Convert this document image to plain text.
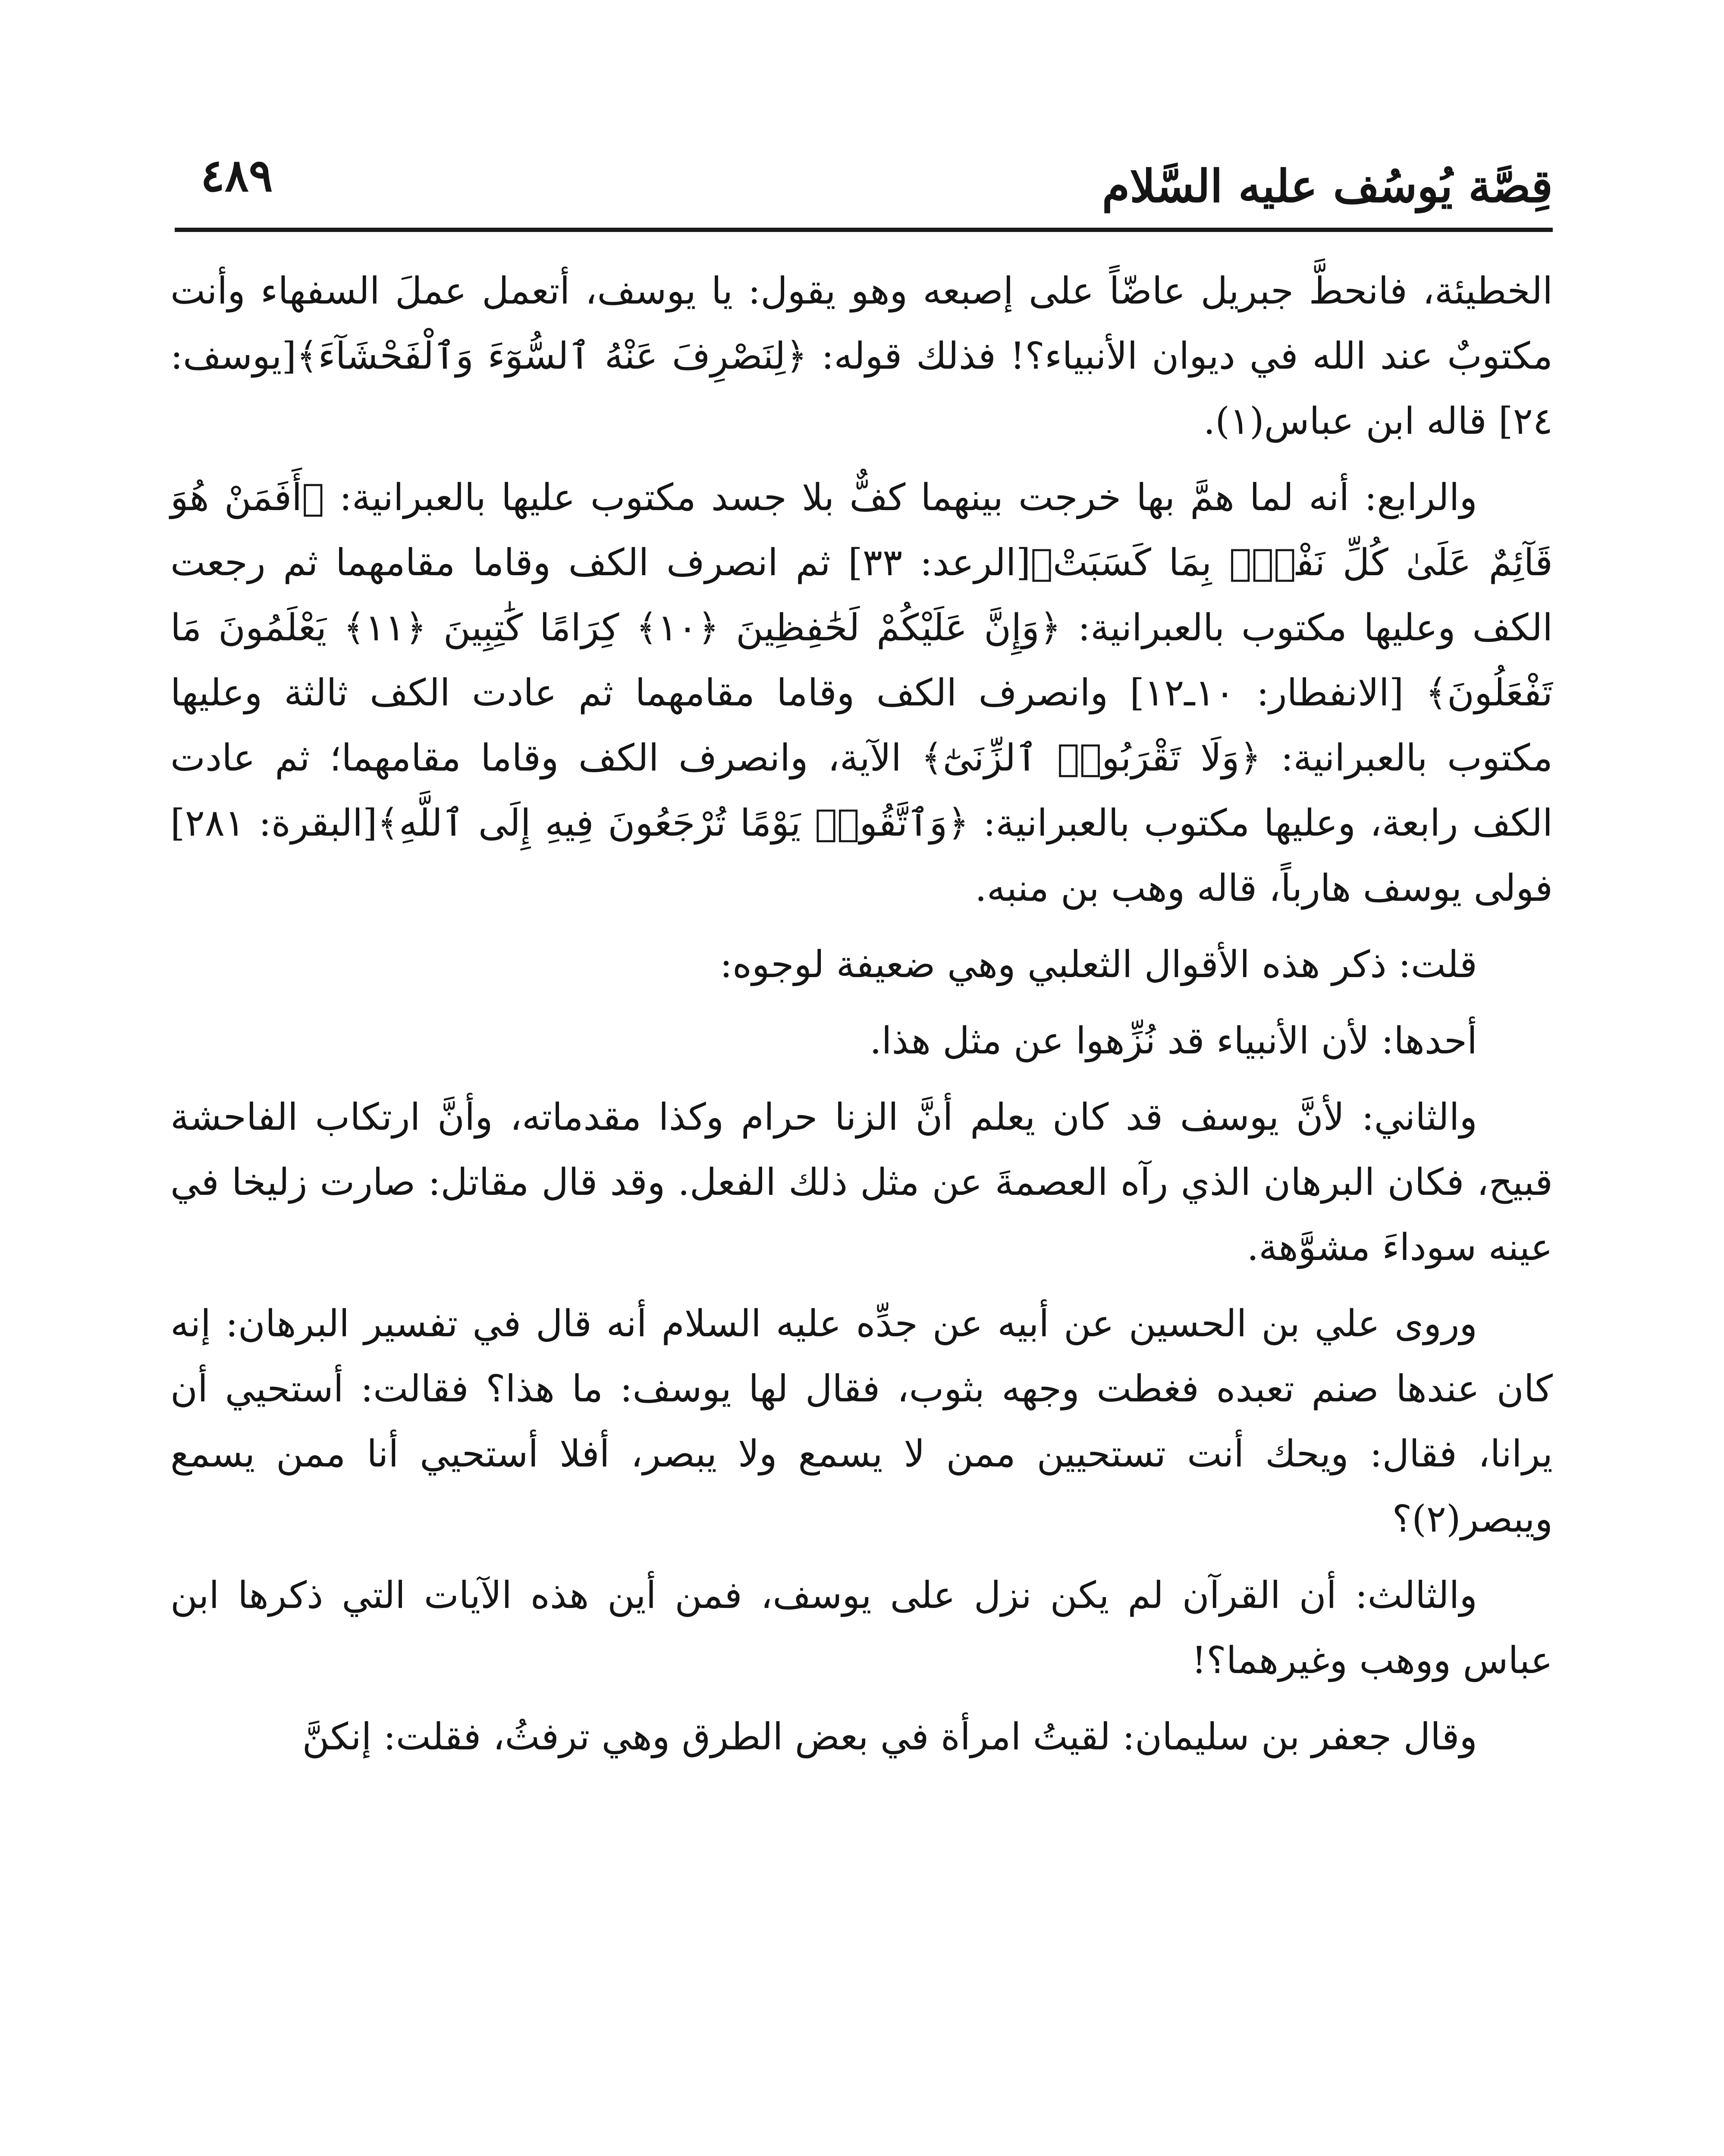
قِصَّة يُوسُف عليه السَّلام
٤٨٩

الخطيئة، فانحطَّ جبريل عاضّاً على إصبعه وهو يقول: يا يوسف، أتعمل عملَ السفهاء وأنت مكتوبٌ عند الله في ديوان الأنبياء؟! فذلك قوله: ﴿لِنَصْرِفَ عَنْهُ ٱلسُّوٓءَ وَٱلْفَحْشَآءَ﴾[يوسف: ٢٤] قاله ابن عباس(١).

والرابع: أنه لما همَّ بها خرجت بينهما كفٌّ بلا جسد مكتوب عليها بالعبرانية: ﴿أَفَمَنْ هُوَ قَآئِمٌ عَلَىٰ كُلِّ نَفْسٍۭ بِمَا كَسَبَتْ﴾[الرعد: ٣٣] ثم انصرف الكف وقاما مقامهما ثم رجعت الكف وعليها مكتوب بالعبرانية: ﴿وَإِنَّ عَلَيْكُمْ لَحَٰفِظِينَ ﴿١٠﴾ كِرَامًا كَٰتِبِينَ ﴿١١﴾ يَعْلَمُونَ مَا تَفْعَلُونَ﴾ [الانفطار: ١٠ـ١٢] وانصرف الكف وقاما مقامهما ثم عادت الكف ثالثة وعليها مكتوب بالعبرانية: ﴿وَلَا تَقْرَبُوا۟ ٱلزِّنَىٰٓ﴾ الآية، وانصرف الكف وقاما مقامهما؛ ثم عادت الكف رابعة، وعليها مكتوب بالعبرانية: ﴿وَٱتَّقُوا۟ يَوْمًا تُرْجَعُونَ فِيهِ إِلَى ٱللَّهِ﴾[البقرة: ٢٨١] فولى يوسف هارباً، قاله وهب بن منبه.

قلت: ذكر هذه الأقوال الثعلبي وهي ضعيفة لوجوه:

أحدها: لأن الأنبياء قد نُزِّهوا عن مثل هذا.

والثاني: لأنَّ يوسف قد كان يعلم أنَّ الزنا حرام وكذا مقدماته، وأنَّ ارتكاب الفاحشة قبيح، فكان البرهان الذي رآه العصمةَ عن مثل ذلك الفعل. وقد قال مقاتل: صارت زليخا في عينه سوداءَ مشوَّهة.

وروى علي بن الحسين عن أبيه عن جدِّه عليه السلام أنه قال في تفسير البرهان: إنه كان عندها صنم تعبده فغطت وجهه بثوب، فقال لها يوسف: ما هذا؟ فقالت: أستحيي أن يرانا، فقال: ويحك أنت تستحيين ممن لا يسمع ولا يبصر، أفلا أستحيي أنا ممن يسمع ويبصر(٢)؟

والثالث: أن القرآن لم يكن نزل على يوسف، فمن أين هذه الآيات التي ذكرها ابن عباس ووهب وغيرهما؟!

وقال جعفر بن سليمان: لقيتُ امرأة في بعض الطرق وهي ترفثُ، فقلت: إنكنَّ
